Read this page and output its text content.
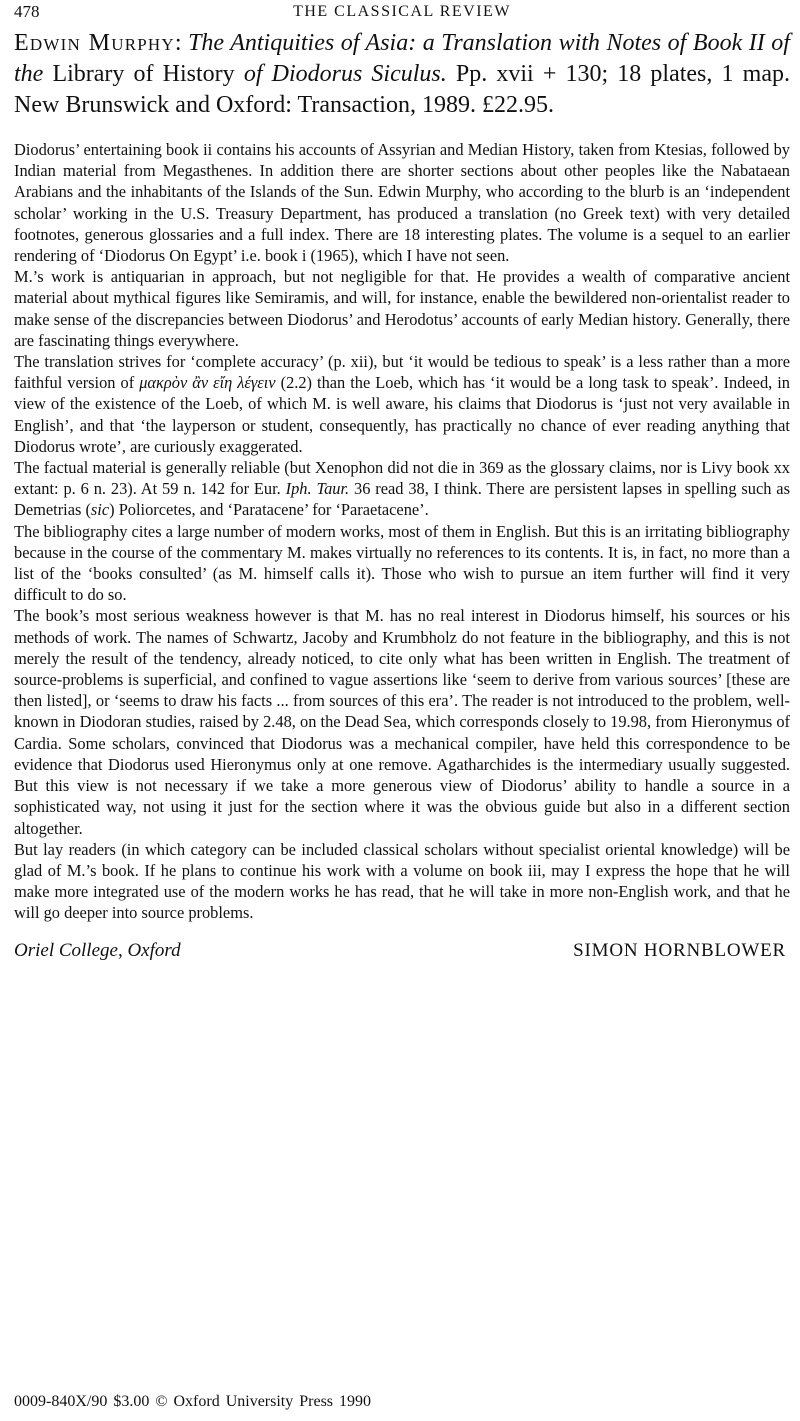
478	THE CLASSICAL REVIEW
Edwin Murphy: The Antiquities of Asia: a Translation with Notes of Book II of the Library of History of Diodorus Siculus. Pp. xvii + 130; 18 plates, 1 map. New Brunswick and Oxford: Transaction, 1989. £22.95.

Diodorus’ entertaining book ii contains his accounts of Assyrian and Median History, taken from Ktesias, followed by Indian material from Megasthenes. In addition there are shorter sections about other peoples like the Nabataean Arabians and the inhabitants of the Islands of the Sun. Edwin Murphy, who according to the blurb is an ‘independent scholar’ working in the U.S. Treasury Department, has produced a translation (no Greek text) with very detailed footnotes, generous glossaries and a full index. There are 18 interesting plates. The volume is a sequel to an earlier rendering of ‘Diodorus On Egypt’ i.e. book i (1965), which I have not seen.

M.’s work is antiquarian in approach, but not negligible for that. He provides a wealth of comparative ancient material about mythical figures like Semiramis, and will, for instance, enable the bewildered non-orientalist reader to make sense of the discrepancies between Diodorus’ and Herodotus’ accounts of early Median history. Generally, there are fascinating things everywhere.

The translation strives for ‘complete accuracy’ (p. xii), but ‘it would be tedious to speak’ is a less rather than a more faithful version of μακρὸν ἂν εἴη λέγειν (2.2) than the Loeb, which has ‘it would be a long task to speak’. Indeed, in view of the existence of the Loeb, of which M. is well aware, his claims that Diodorus is ‘just not very available in English’, and that ‘the layperson or student, consequently, has practically no chance of ever reading anything that Diodorus wrote’, are curiously exaggerated.

The factual material is generally reliable (but Xenophon did not die in 369 as the glossary claims, nor is Livy book xx extant: p. 6 n. 23). At 59 n. 142 for Eur. Iph. Taur. 36 read 38, I think. There are persistent lapses in spelling such as Demetrias (sic) Poliorcetes, and ‘Paratacene’ for ‘Paraetacene’.

The bibliography cites a large number of modern works, most of them in English. But this is an irritating bibliography because in the course of the commentary M. makes virtually no references to its contents. It is, in fact, no more than a list of the ‘books consulted’ (as M. himself calls it). Those who wish to pursue an item further will find it very difficult to do so.

The book’s most serious weakness however is that M. has no real interest in Diodorus himself, his sources or his methods of work. The names of Schwartz, Jacoby and Krumbholz do not feature in the bibliography, and this is not merely the result of the tendency, already noticed, to cite only what has been written in English. The treatment of source-problems is superficial, and confined to vague assertions like ‘seem to derive from various sources’ [these are then listed], or ‘seems to draw his facts ... from sources of this era’. The reader is not introduced to the problem, well-known in Diodoran studies, raised by 2.48, on the Dead Sea, which corresponds closely to 19.98, from Hieronymus of Cardia. Some scholars, convinced that Diodorus was a mechanical compiler, have held this correspondence to be evidence that Diodorus used Hieronymus only at one remove. Agatharchides is the intermediary usually suggested. But this view is not necessary if we take a more generous view of Diodorus’ ability to handle a source in a sophisticated way, not using it just for the section where it was the obvious guide but also in a different section altogether.

But lay readers (in which category can be included classical scholars without specialist oriental knowledge) will be glad of M.’s book. If he plans to continue his work with a volume on book iii, may I express the hope that he will make more integrated use of the modern works he has read, that he will take in more non-English work, and that he will go deeper into source problems.

Oriel College, Oxford	SIMON HORNBLOWER
0009-840X/90 $3.00 © Oxford University Press 1990
